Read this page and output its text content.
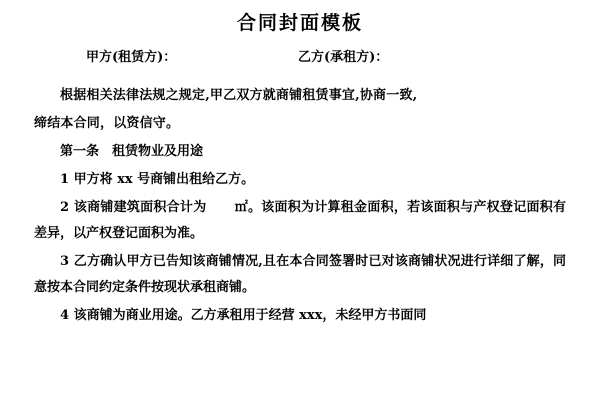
合同封面模板
甲方(租赁方)：	乙方(承租方)：

根据相关法律法规之规定,甲乙双方就商铺租赁事宜,协商一致,

缔结本合同，以资信守。

第一条 租赁物业及用途

1 甲方将 xx 号商铺出租给乙方。

2 该商铺建筑面积合计为 ㎡。该面积为计算租金面积，若该面积与产权登记面积有差异，以产权登记面积为准。

3 乙方确认甲方已告知该商铺情况,且在本合同签署时已对该商铺状况进行详细了解，同意按本合同约定条件按现状承租商铺。

4 该商铺为商业用途。乙方承租用于经营 xxx，未经甲方书面同
